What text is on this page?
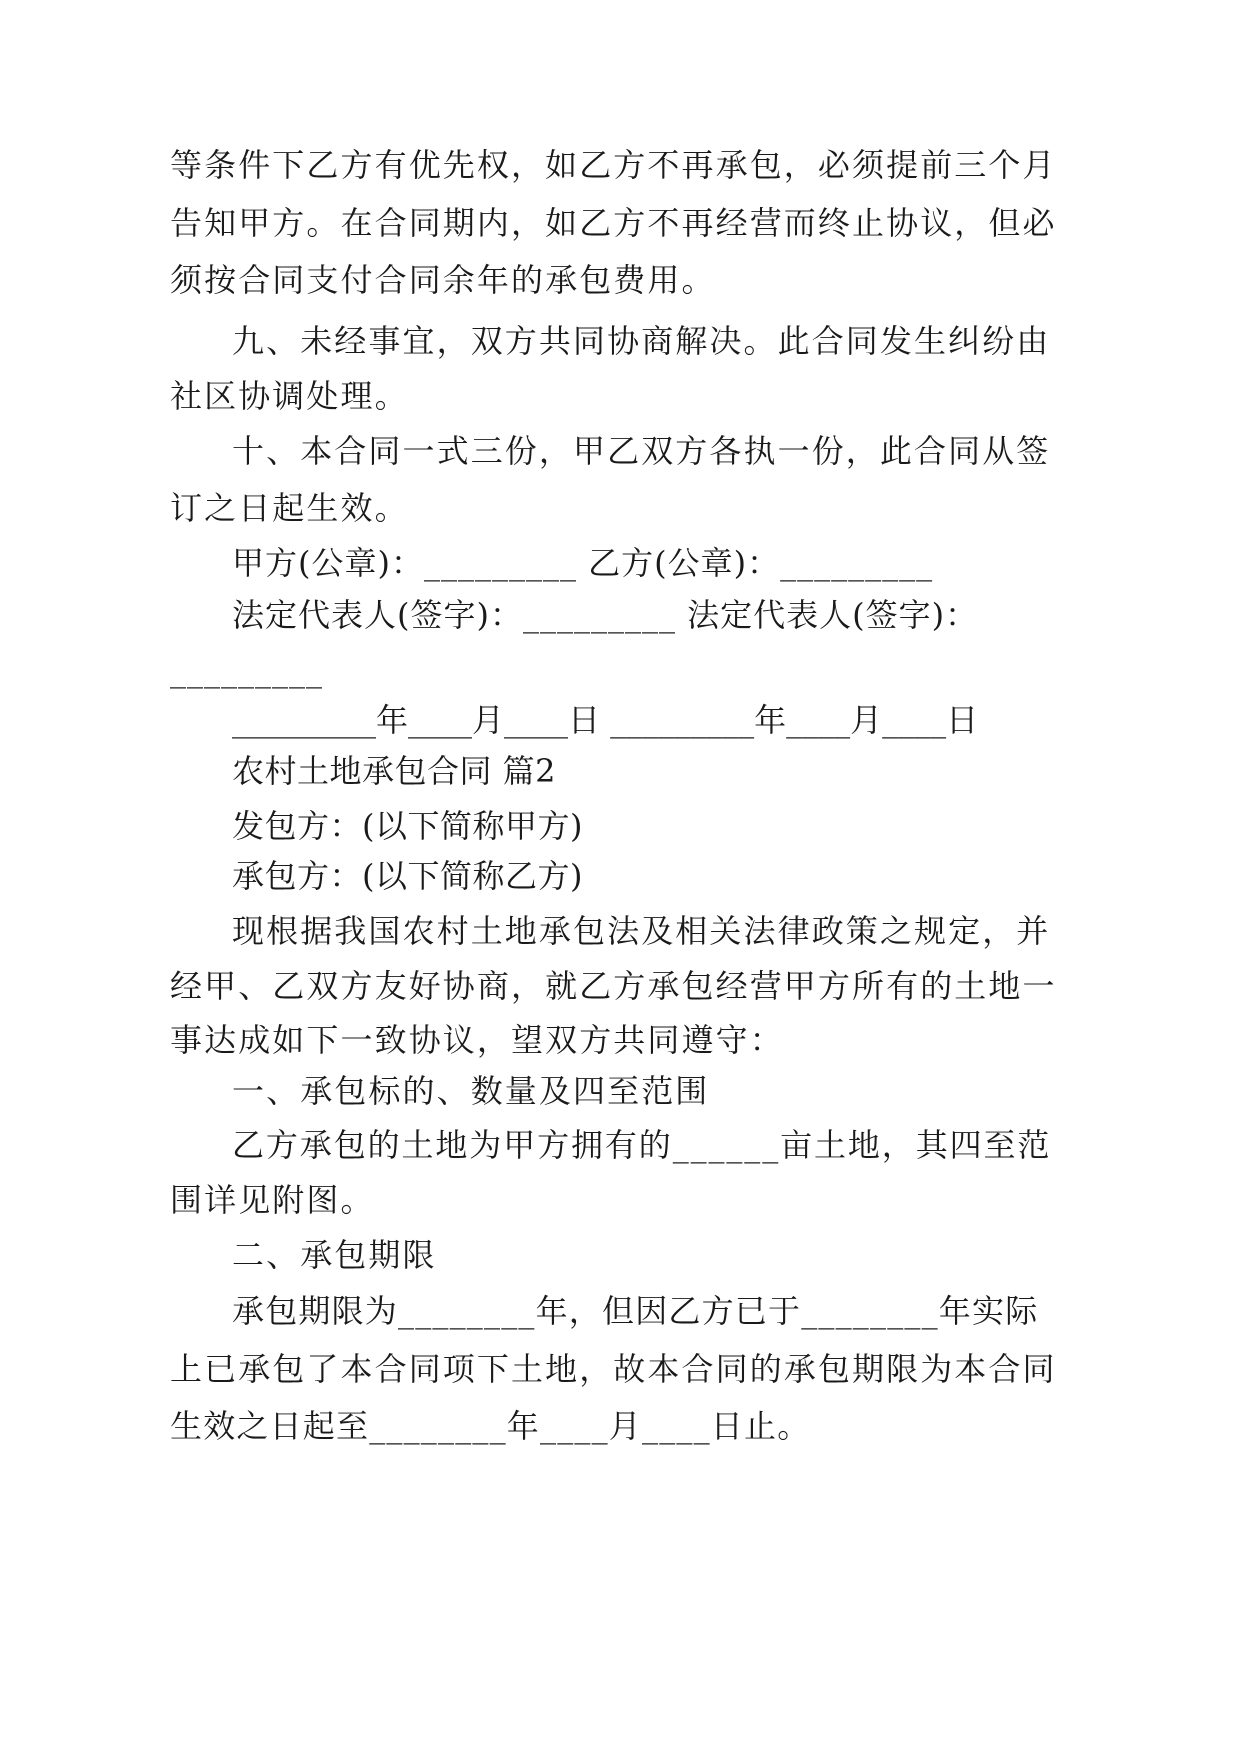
等条件下乙方有优先权，如乙方不再承包，必须提前三个月
告知甲方。在合同期内，如乙方不再经营而终止协议，但必
须按合同支付合同余年的承包费用。
九、未经事宜，双方共同协商解决。此合同发生纠纷由
社区协调处理。
十、本合同一式三份，甲乙双方各执一份，此合同从签
订之日起生效。
甲方(公章)：_________ 乙方(公章)：_________
法定代表人(签字)：_________ 法定代表人(签字)：
_________
_________年____月____日 _________年____月____日
农村土地承包合同 篇2
发包方：(以下简称甲方)
承包方：(以下简称乙方)
现根据我国农村土地承包法及相关法律政策之规定，并
经甲、乙双方友好协商，就乙方承包经营甲方所有的土地一
事达成如下一致协议，望双方共同遵守：
一、承包标的、数量及四至范围
乙方承包的土地为甲方拥有的______亩土地，其四至范
围详见附图。
二、承包期限
承包期限为________年，但因乙方已于________年实际
上已承包了本合同项下土地，故本合同的承包期限为本合同
生效之日起至________年____月____日止。
